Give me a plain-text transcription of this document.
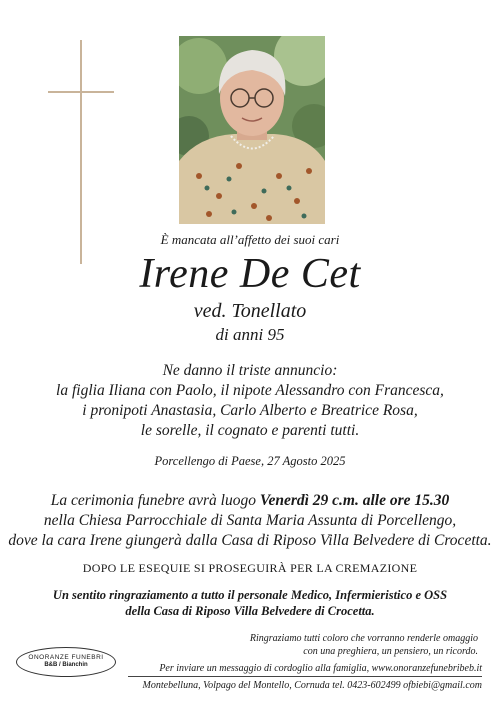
È mancata all’affetto dei suoi cari
Irene De Cet
ved. Tonellato
di anni 95
Ne danno il triste annuncio:
la figlia Iliana con Paolo, il nipote Alessandro con Francesca,
i pronipoti Anastasia, Carlo Alberto e Breatrice Rosa,
le sorelle, il cognato e parenti tutti.
Porcellengo di Paese, 27 Agosto 2025
La cerimonia funebre avrà luogo Venerdì 29 c.m. alle ore 15.30
nella Chiesa Parrocchiale di Santa Maria Assunta di Porcellengo,
dove la cara Irene giungerà dalla Casa di Riposo Villa Belvedere di Crocetta.
DOPO LE ESEQUIE SI PROSEGUIRÀ PER LA CREMAZIONE
Un sentito ringraziamento a tutto il personale Medico, Infermieristico e OSS
della Casa di Riposo Villa Belvedere di Crocetta.
Ringraziamo tutti coloro che vorranno renderle omaggio
con una preghiera, un pensiero, un ricordo.
ONORANZE FUNEBRI
B&B / Bianchin	Per inviare un messaggio di cordoglio alla famiglia, www.onoranzefunebribeb.it
Montebelluna, Volpago del Montello, Cornuda tel. 0423-602499 ofbiebi@gmail.com
